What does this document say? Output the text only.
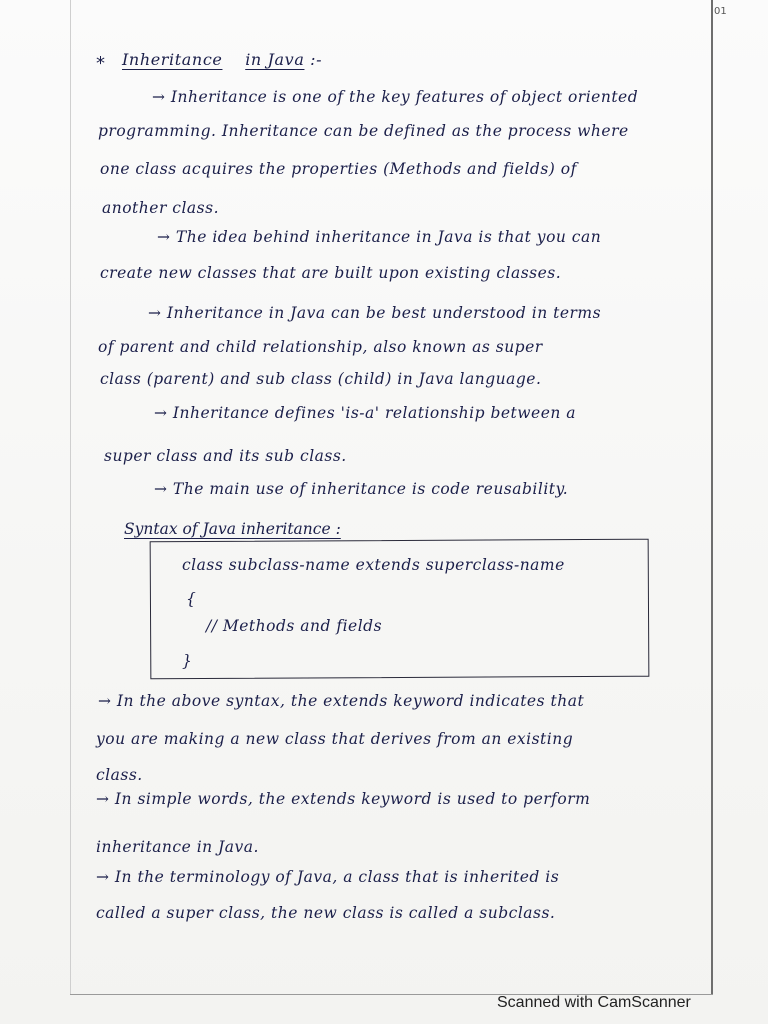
01
* Inheritance in Java :-
→ Inheritance is one of the key features of object oriented
programming. Inheritance can be defined as the process where
one class acquires the properties (Methods and fields) of
another class.
→ The idea behind inheritance in Java is that you can
create new classes that are built upon existing classes.
→ Inheritance in Java can be best understood in terms
of parent and child relationship, also known as super
class (parent) and sub class (child) in Java language.
→ Inheritance defines 'is-a' relationship between a
super class and its sub class.
→ The main use of inheritance is code reusability.
Syntax of Java inheritance :
class subclass-name extends superclass-name
{
// Methods and fields
}
→ In the above syntax, the extends keyword indicates that
you are making a new class that derives from an existing
class.
→ In simple words, the extends keyword is used to perform
inheritance in Java.
→ In the terminology of Java, a class that is inherited is
called a super class, the new class is called a subclass.
Scanned with CamScanner
